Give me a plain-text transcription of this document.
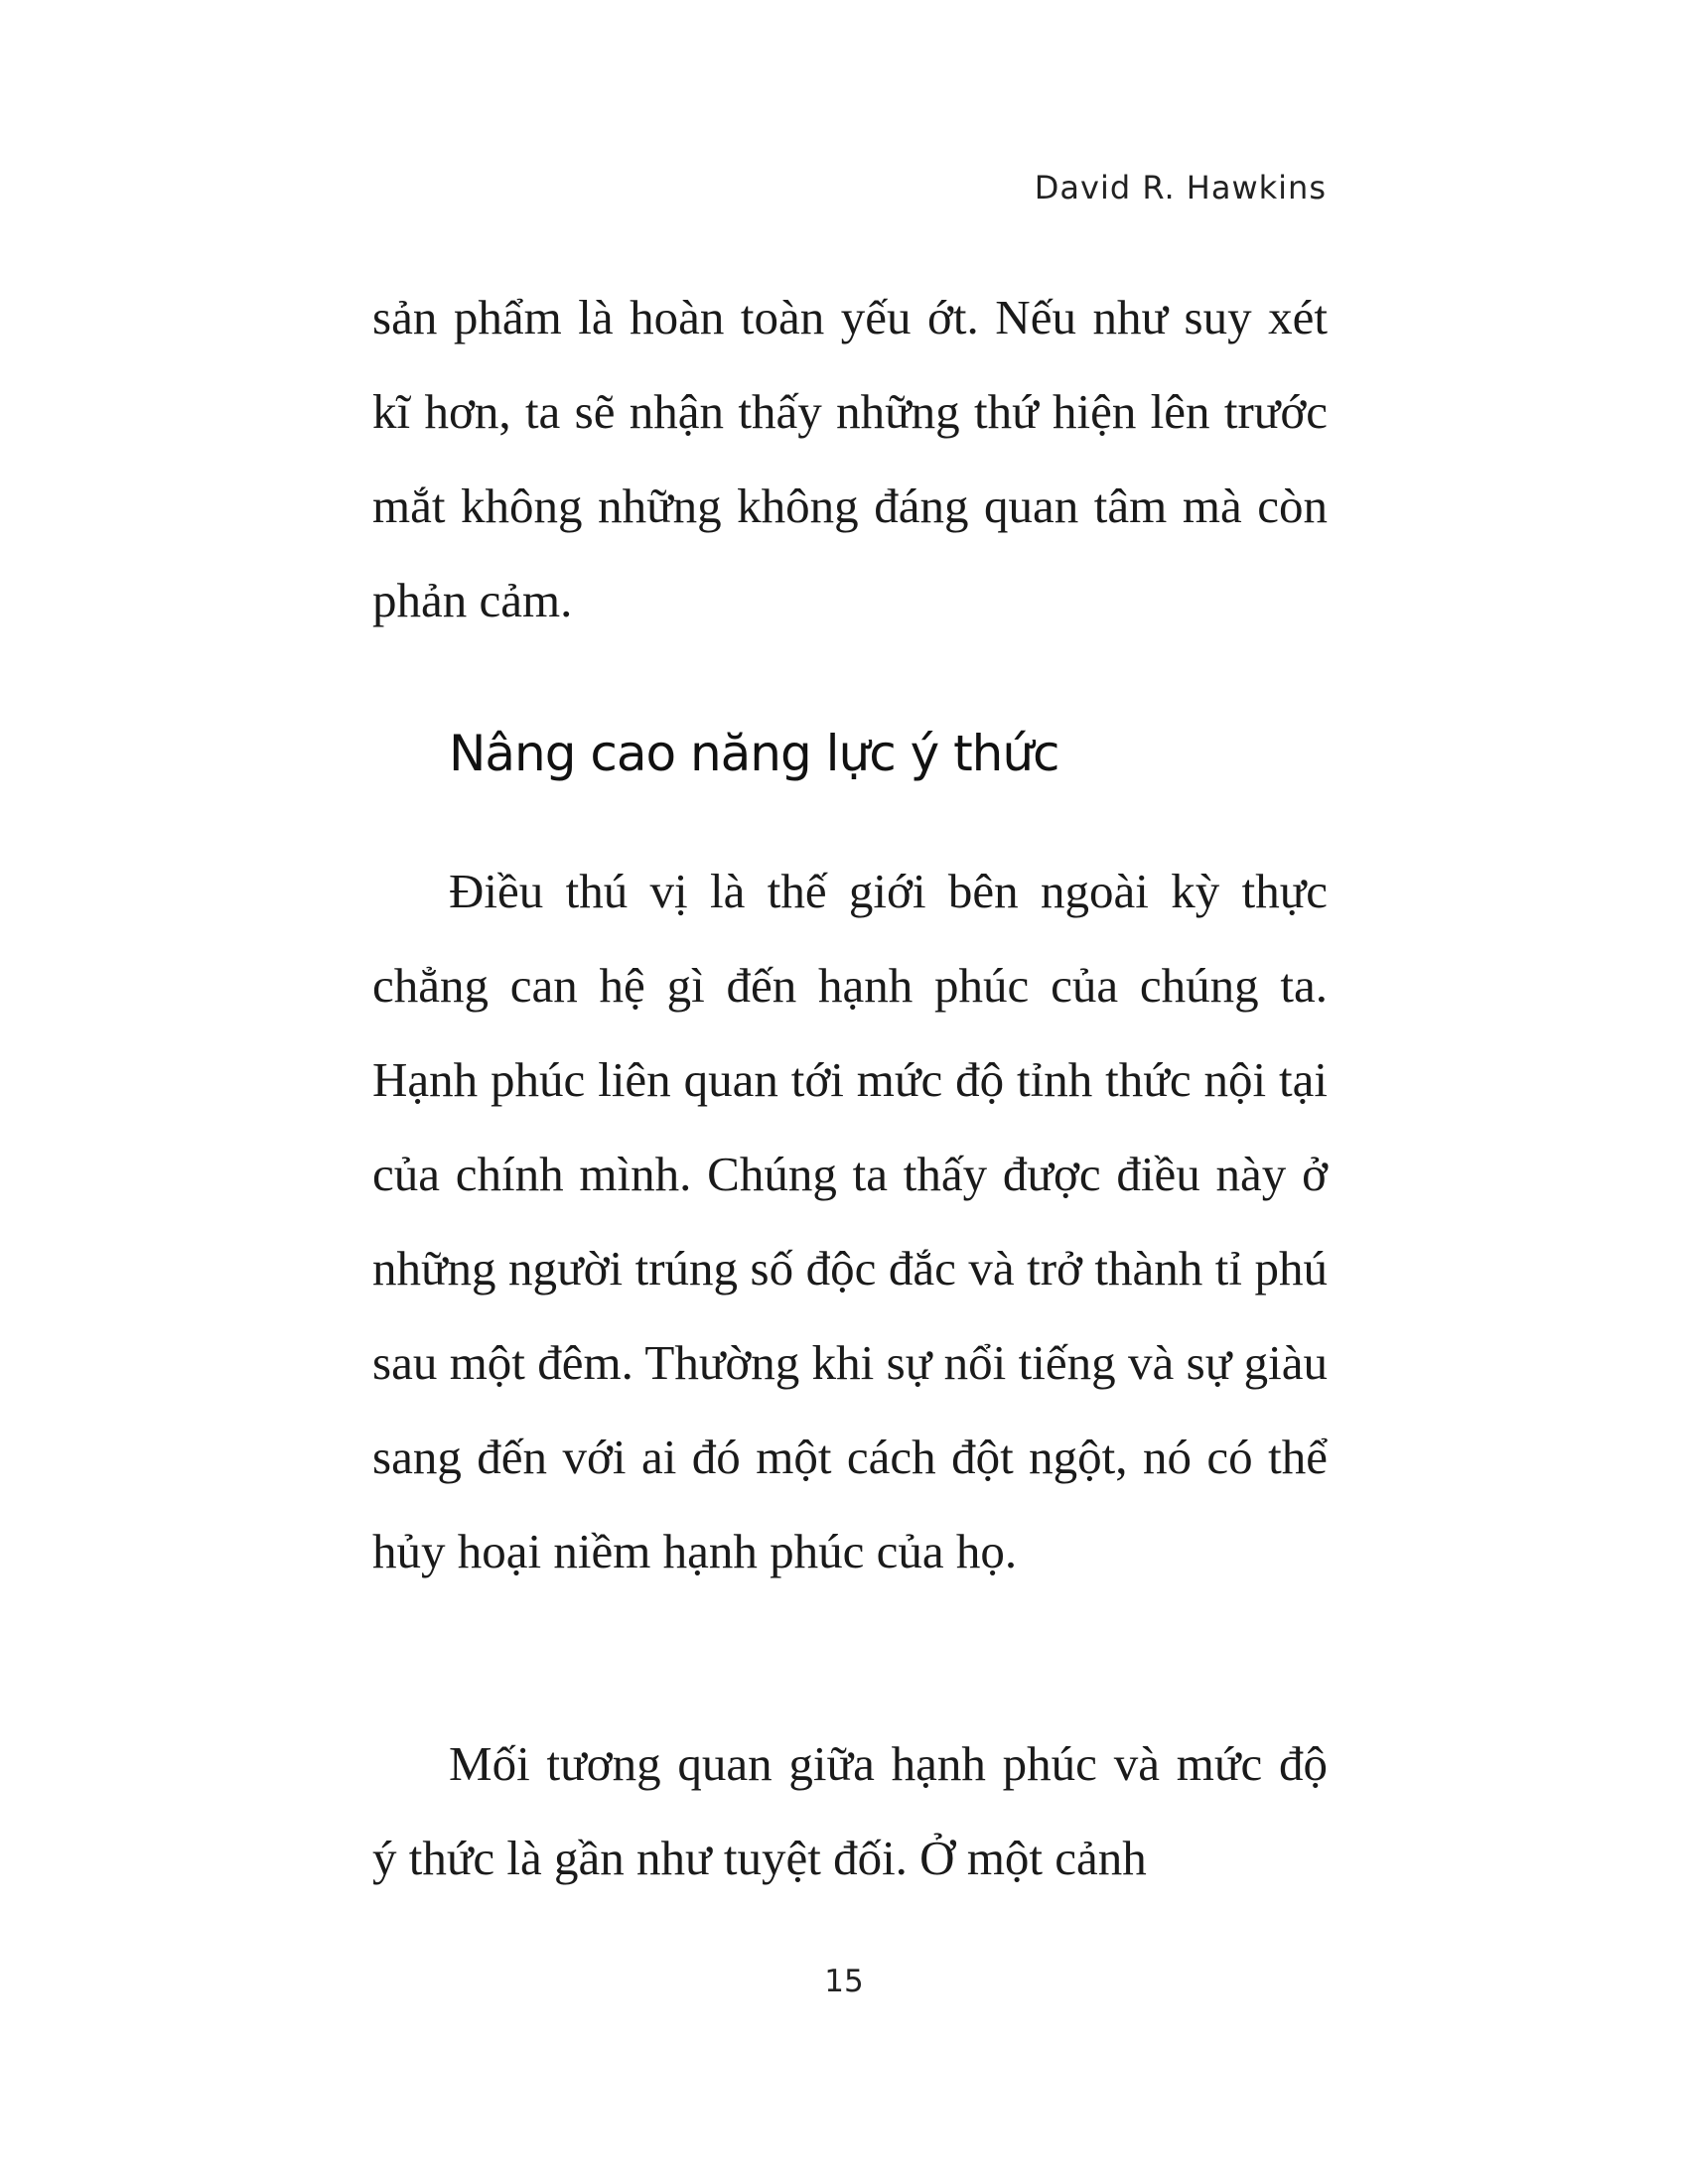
David R. Hawkins

sản phẩm là hoàn toàn yếu ớt. Nếu như suy xét kĩ hơn, ta sẽ nhận thấy những thứ hiện lên trước mắt không những không đáng quan tâm mà còn phản cảm.

Nâng cao năng lực ý thức

Điều thú vị là thế giới bên ngoài kỳ thực chẳng can hệ gì đến hạnh phúc của chúng ta. Hạnh phúc liên quan tới mức độ tỉnh thức nội tại của chính mình. Chúng ta thấy được điều này ở những người trúng số độc đắc và trở thành tỉ phú sau một đêm. Thường khi sự nổi tiếng và sự giàu sang đến với ai đó một cách đột ngột, nó có thể hủy hoại niềm hạnh phúc của họ.

Mối tương quan giữa hạnh phúc và mức độ ý thức là gần như tuyệt đối. Ở một cảnh

15
